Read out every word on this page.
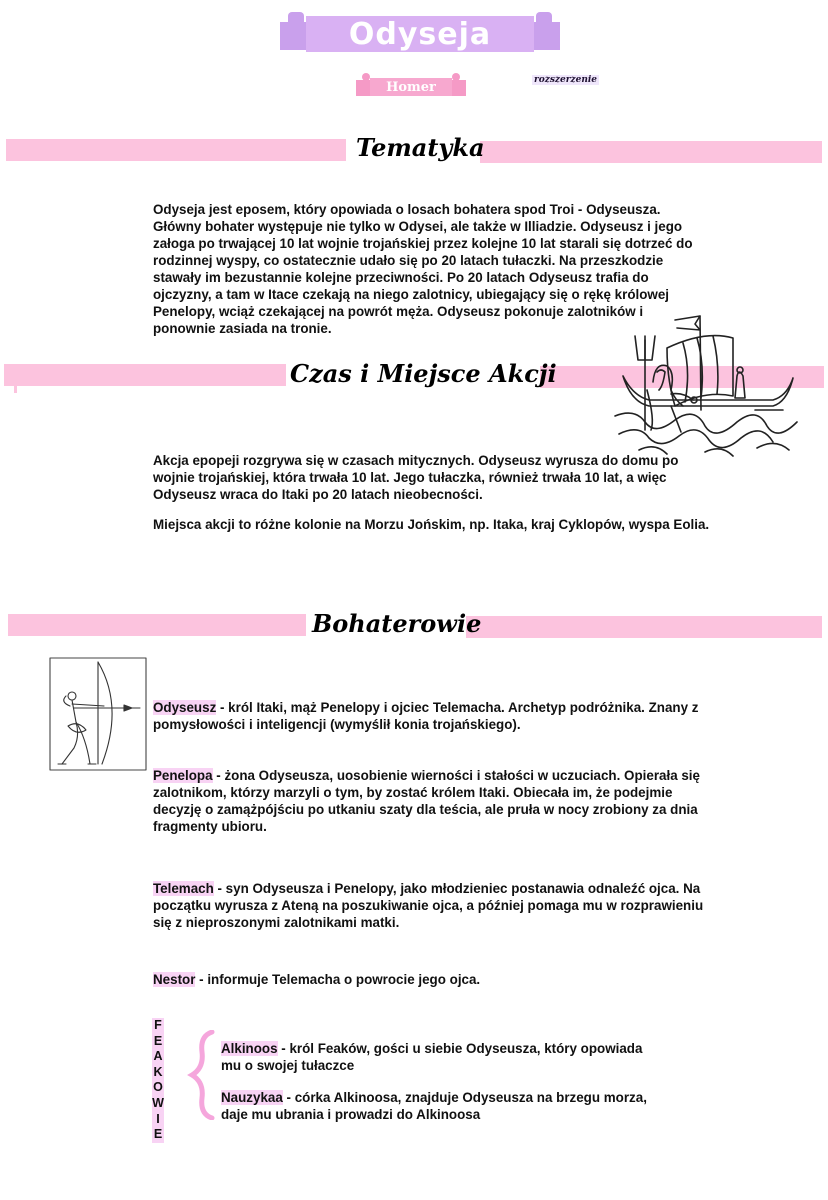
Odyseja
Homer	rozszerzenie
Tematyka

Odyseja jest eposem, który opowiada o losach bohatera spod Troi - Odyseusza.

Główny bohater występuje nie tylko w Odysei, ale także w Illiadzie. Odyseusz i jego

załoga po trwającej 10 lat wojnie trojańskiej przez kolejne 10 lat starali się dotrzeć do

rodzinnej wyspy, co ostatecznie udało się po 20 latach tułaczki. Na przeszkodzie

stawały im bezustannie kolejne przeciwności. Po 20 latach Odyseusz trafia do

ojczyzny, a tam w Itace czekają na niego zalotnicy, ubiegający się o rękę królowej

Penelopy, wciąż czekającej na powrót męża. Odyseusz pokonuje zalotników i

ponownie zasiada na tronie.

Czas i Miejsce Akcji

Akcja epopeji rozgrywa się w czasach mitycznych. Odyseusz wyrusza do domu po

wojnie trojańskiej, która trwała 10 lat. Jego tułaczka, również trwała 10 lat, a więc

Odyseusz wraca do Itaki po 20 latach nieobecności.

Miejsca akcji to różne kolonie na Morzu Jońskim, np. Itaka, kraj Cyklopów, wyspa Eolia.

Bohaterowie

Odyseusz - król Itaki, mąż Penelopy i ojciec Telemacha. Archetyp podróżnika. Znany z

pomysłowości i inteligencji (wymyślił konia trojańskiego).

Penelopa - żona Odyseusza, uosobienie wierności i stałości w uczuciach. Opierała się

zalotnikom, którzy marzyli o tym, by zostać królem Itaki. Obiecała im, że podejmie

decyzję o zamążpójściu po utkaniu szaty dla teścia, ale pruła w nocy zrobiony za dnia

fragmenty ubioru.

Telemach - syn Odyseusza i Penelopy, jako młodzieniec postanawia odnaleźć ojca. Na

początku wyrusza z Ateną na poszukiwanie ojca, a później pomaga mu w rozprawieniu

się z nieproszonymi zalotnikami matki.

Nestor - informuje Telemacha o powrocie jego ojca.

F
E
A
K
O
W
I
E

Alkinoos - król Feaków, gości u siebie Odyseusza, który opowiada

mu o swojej tułaczce

Nauzykaa - córka Alkinoosa, znajduje Odyseusza na brzegu morza,

daje mu ubrania i prowadzi do Alkinoosa
